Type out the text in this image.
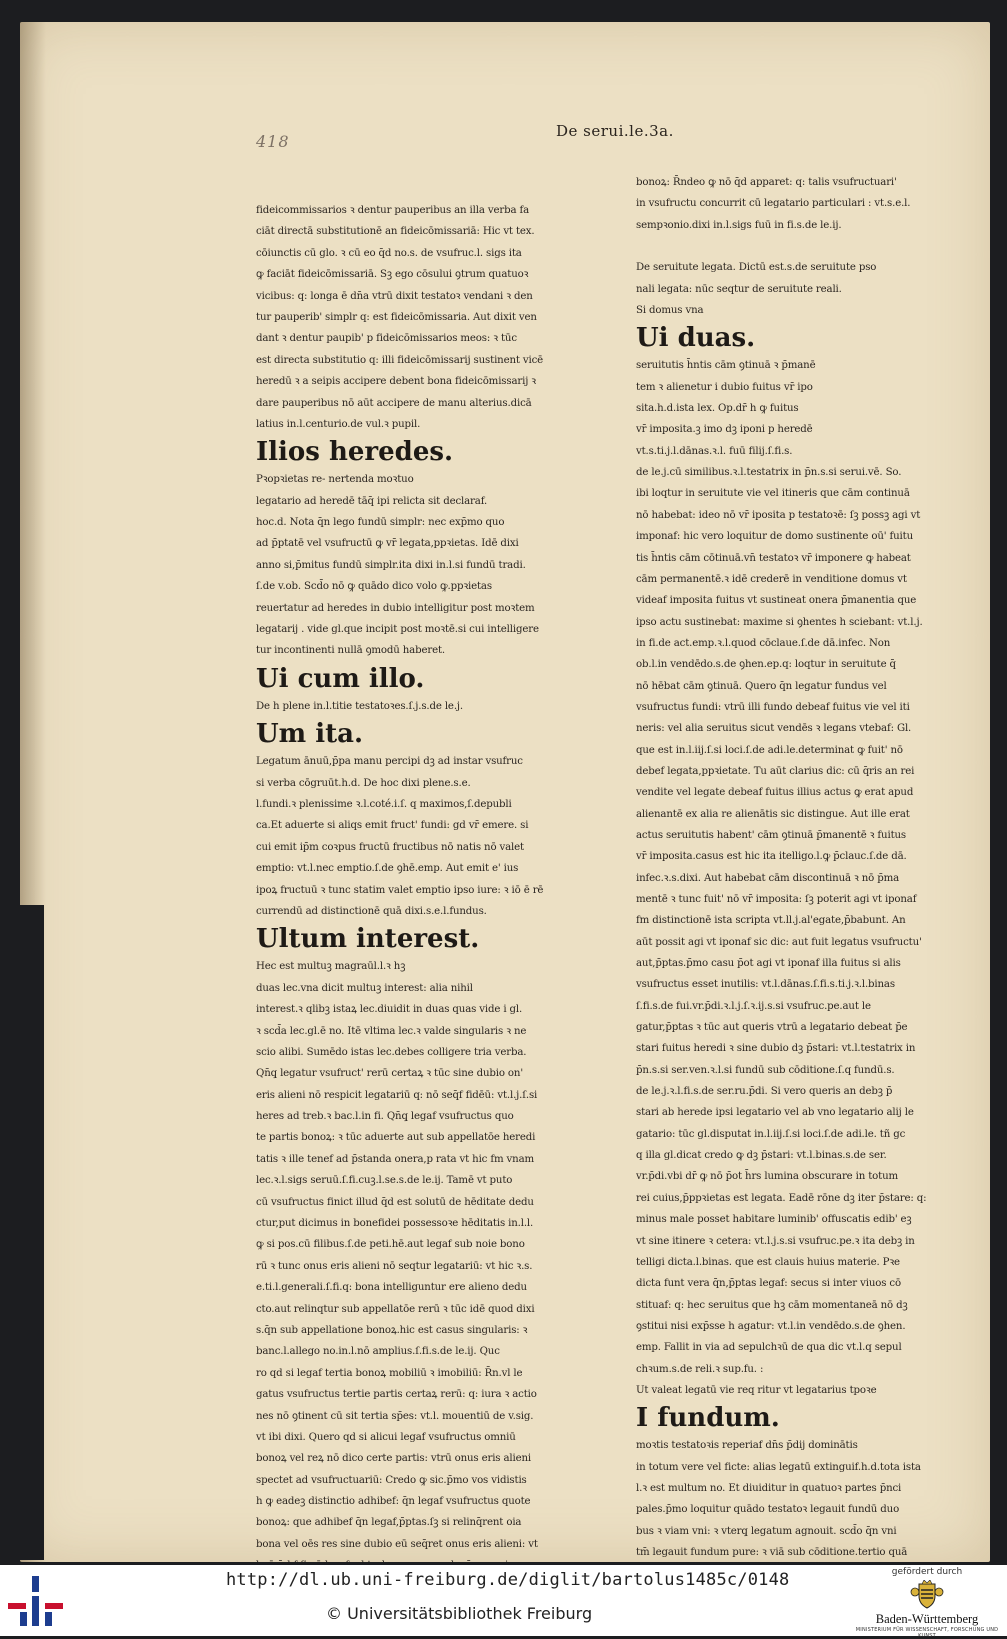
418
De serui.le.3a.
fideicommissarios ꝛ dentur pauperibus an illa verba fa
ciāt directā substitutionē an fideicōmissariā: Hic vt tex.
cōiunctis cū glo. ꝛ cū eo q̄d no.s. de vsufruc.l. sigs ita
ꝙ faciāt fideicōmissariā. Sꝫ ego cōsului ꝯtrum quatuoꝛ
vicibus: q: longa ē dn̄a vtrū dixit testatoꝛ vendani ꝛ den
tur pauperib' simplr q: est fideicōmissaria. Aut dixit ven
dant ꝛ dentur paupib' p fideicōmissarios meos: ꝛ tūc
est directa substitutio q: illi fideicōmissarij sustinent vicē
heredū ꝛ a seipis accipere debent bona fideicōmissarij ꝛ
dare pauperibus nō aūt accipere de manu alterius.dicā
latius in.l.centurio.de vul.ꝛ pupil.
Ilios heredes.
Pꝛopꝛietas re- nertenda moꝛtuo
legatario ad heredē tāq̄ ipi relicta sit declaraf.
hoc.d. Nota q̄n lego fundū simplr: nec exp̄mo quo
ad p̄ptatē vel vsufructū ꝙ vr̄ legata,ppꝛietas. Idē dixi
anno si,p̄mitus fundū simplr.ita dixi in.l.si fundū tradi.
ſ.de v.ob. Scd̄o nō ꝙ quādo dico volo ꝙ.ppꝛietas
reuertatur ad heredes in dubio intelligitur post moꝛtem
legatarij . vide gl.que incipit post moꝛtē.si cui intelligere
tur incontinenti nullā ꝯmodū haberet.
Ui cum illo.
De h plene in.l.titie testatoꝛes.ſ.j.s.de le.j.
Um ita.
Legatum ānuū,p̄pa manu percipi dꝫ ad instar vsufruc
si verba cōgruūt.h.d. De hoc dixi plene.s.e.
l.fundi.ꝛ plenissime ꝛ.l.coté.i.ſ. q maximos,ſ.depubli
ca.Et aduerte si aliqs emit fruct' fundi: gd vr̄ emere. si
cui emit ip̄m coꝛpus fructū fructibus nō natis nō valet
emptio: vt.l.nec emptio.ſ.de ꝯhē.emp. Aut emit e' ius
ipoꝝ fructuū ꝛ tunc statim valet emptio ipso iure: ꝛ iō ē rē
currendū ad distinctionē quā dixi.s.e.l.fundus.
Ultum interest.
Hec est multuꝫ magraūl.l.ꝛ hꝫ
duas lec.vna dicit multuꝫ interest: alia nihil
interest.ꝛ qlibꝫ istaꝝ lec.diuidit in duas quas vide i gl.
ꝛ scd̄a lec.gl.ē no. Itē vltima lec.ꝛ valde singularis ꝛ ne
scio alibi. Sumēdo istas lec.debes colligere tria verba.
Qn̄q̧ legatur vsufruct' rerū certaꝝ ꝛ tūc sine dubio on'
eris alieni nō respicit legatariū q: nō seq̄f fidēū: vt.l.j.ſ.si
heres ad treb.ꝛ bac.l.in fi. Qn̄q̧ legaf vsufructus quo
te partis bonoꝝ: ꝛ tūc aduerte aut sub appellatōe heredi
tatis ꝛ ille tenef ad p̄standa onera,p rata vt hic fm vnam
lec.ꝛ.l.sigs seruū.ſ.fi.cuꝫ.l.se.s.de le.ij. Tamē vt puto
cū vsufructus finict illud q̄d est solutū de hēditate dedu
ctur,put dicimus in bonefidei possessoꝛe hēditatis in.l.l.
ꝙ si pos.cū filibus.ſ.de peti.hē.aut legaf sub noie bono
rū ꝛ tunc onus eris alieni nō seqtur legatariū: vt hic ꝛ.s.
e.ti.l.generali.ſ.fi.q: bona intelliguntur ere alieno dedu
cto.aut relinqtur sub appellatōe rerū ꝛ tūc idē quod dixi
s.q̄n sub appellatione bonoꝝ.hic est casus singularis: ꝛ
banc.l.allego no.in.l.nō amplius.ſ.fi.s.de le.ij. Quc
ro qd si legaf tertia bonoꝝ mobiliū ꝛ imobiliū: R̄n.vl le
gatus vsufructus tertie partis certaꝝ rerū: q: iura ꝛ actio
nes nō ꝯtinent cū sit tertia sp̄es: vt.l. mouentiū de v.sig.
vt ibi dixi. Quero qd si alicui legaf vsufructus omniū
bonoꝝ vel reꝝ nō dico certe partis: vtrū onus eris alieni
spectet ad vsufructuariū: Credo ꝙ sic.p̄mo vos vidistis
h ꝙ eadeꝫ distinctio adhibef: q̄n legaf vsufructus quote
bonoꝝ: que adhibef q̄n legaf,p̄ptas.ſꝫ si relinq̄rent oia
bona vel oēs res sine dubio eū seq̄ret onus eris alieni: vt
bonoꝝ: R̄ndeo ꝙ nō q̄d apparet: q: talis vsufructuari'
in vsufructu concurrit cū legatario particulari : vt.s.e.l.
sempꝛonio.dixi in.l.sigs fuū in fi.s.de le.ij.
De seruitute legata. Dictū est.s.de seruitute pso
nali legata: nūc seqtur de seruitute reali.
Si domus vna
Ui duas.
seruitutis h̄ntis cām ꝯtinuā ꝛ p̄manē
tem ꝛ alienetur i dubio fuitus vr̄ ipo
sita.h.d.ista lex. Op.dr̄ h ꝙ fuitus
vr̄ imposita.ꝫ imo dꝫ iponi p heredē
vt.s.ti.j.l.dānas.ꝛ.l. fuū filij.ſ.fi.s.
de le.j.cū similibus.ꝛ.l.testatrix in p̄n.s.si serui.vē. So.
ibi loqtur in seruitute vie vel itineris que cām continuā
nō habebat: ideo nō vr̄ iposita p testatoꝛē: ſꝫ possꝫ agi vt
imponaf: hic vero loquitur de domo sustinente oū' fuitu
tis h̄ntis cām cōtinuā.vn̄ testatoꝛ vr̄ imponere ꝙ habeat
cām permanentē.ꝛ idē crederē in venditione domus vt
videaf imposita fuitus vt sustineat onera p̄manentia que
ipso actu sustinebat: maxime si ꝯhentes h sciebant: vt.l.j.
in fi.de act.emp.ꝛ.l.quod cōclaue.ſ.de dā.infec. Non
ob.l.in vendēdo.s.de ꝯhen.ep.q: loqtur in seruitute q̄
nō hēbat cām ꝯtinuā. Quero q̄n legatur fundus vel
vsufructus fundi: vtrū illi fundo debeaf fuitus vie vel iti
neris: vel alia seruitus sicut vendēs ꝛ legans vtebaf: Gl.
que est in.l.iij.ſ.si loci.ſ.de adi.le.determinat ꝙ fuit' nō
debef legata,ppꝛietate. Tu aūt clarius dic: cū q̄ris an rei
vendite vel legate debeaf fuitus illius actus ꝙ erat apud
alienantē ex alia re alienātis sic distingue. Aut ille erat
actus seruitutis habent' cām ꝯtinuā p̄manentē ꝛ fuitus
vr̄ imposita.casus est hic ita itelligo.l.ꝙ p̄clauc.ſ.de dā.
infec.ꝛ.s.dixi. Aut habebat cām discontinuā ꝛ nō p̄ma
mentē ꝛ tunc fuit' nō vr̄ imposita: ſꝫ poterit agi vt iponaf
fm distinctionē ista scripta vt.ll.j.al'egate,p̄babunt. An
aūt possit agi vt iponaf sic dic: aut fuit legatus vsufructu'
aut,p̄ptas.p̄mo casu p̄ot agi vt iponaf illa fuitus si alis
vsufructus esset inutilis: vt.l.dānas.ſ.fi.s.ti.j.ꝛ.l.binas
ſ.fi.s.de fui.vr.p̄di.ꝛ.l.j.ſ.ꝛ.ij.s.si vsufruc.pe.aut le
gatur,p̄ptas ꝛ tūc aut queris vtrū a legatario debeat p̄e
stari fuitus heredi ꝛ sine dubio dꝫ p̄stari: vt.l.testatrix in
p̄n.s.si ser.ven.ꝛ.l.si fundū sub cōditione.ſ.q fundū.s.
de le.j.ꝛ.l.fi.s.de ser.ru.p̄di. Si vero queris an debꝫ p̄
stari ab herede ipsi legatario vel ab vno legatario alij le
gatario: tūc gl.disputat in.l.iij.ſ.si loci.ſ.de adi.le. tñ gc
q illa gl.dicat credo ꝙ dꝫ p̄stari: vt.l.binas.s.de ser.
vr.p̄di.vbi dr̄ ꝙ nō p̄ot h̄rs lumina obscurare in totum
rei cuius,p̄ppꝛietas est legata. Eadē rōne dꝫ iter p̄stare: q:
minus male posset habitare luminib' offuscatis edib' eꝫ
vt sine itinere ꝛ cetera: vt.l.j.s.si vsufruc.pe.ꝛ ita debꝫ in
telligi dicta.l.binas. que est clauis huius materie. Pꝛe
dicta funt vera q̄n,p̄ptas legaf: secus si inter viuos cō
stituaf: q: hec seruitus que hꝫ cām momentaneā nō dꝫ
ꝯstitui nisi exp̄sse h agatur: vt.l.in vendēdo.s.de ꝯhen.
emp. Fallit in via ad sepulchꝛū de qua dic vt.l.q sepul
chꝛum.s.de reli.ꝛ sup.fu. :
Ut valeat legatū vie req ritur vt legatarius tpoꝛe
I fundum.
moꝛtis testatoꝛis reperiaf dn̄s p̄dij dominātis
in totum vere vel ficte: alias legatū extinguif.h.d.tota ista
l.ꝛ est multum no. Et diuiditur in quatuoꝛ partes p̄nci
pales.p̄mo loquitur quādo testatoꝛ legauit fundū duo
bus ꝛ viam vni: ꝛ vterq̧ legatum agnouit. scd̄o q̄n vni
tm̄ legauit fundum pure: ꝛ viā sub cōditione.tertio quā
http://dl.ub.uni-freiburg.de/diglit/bartolus1485c/0148
© Universitätsbibliothek Freiburg
gefördert durch
Baden-Württemberg
MINISTERIUM FÜR WISSENSCHAFT, FORSCHUNG UND KUNST
